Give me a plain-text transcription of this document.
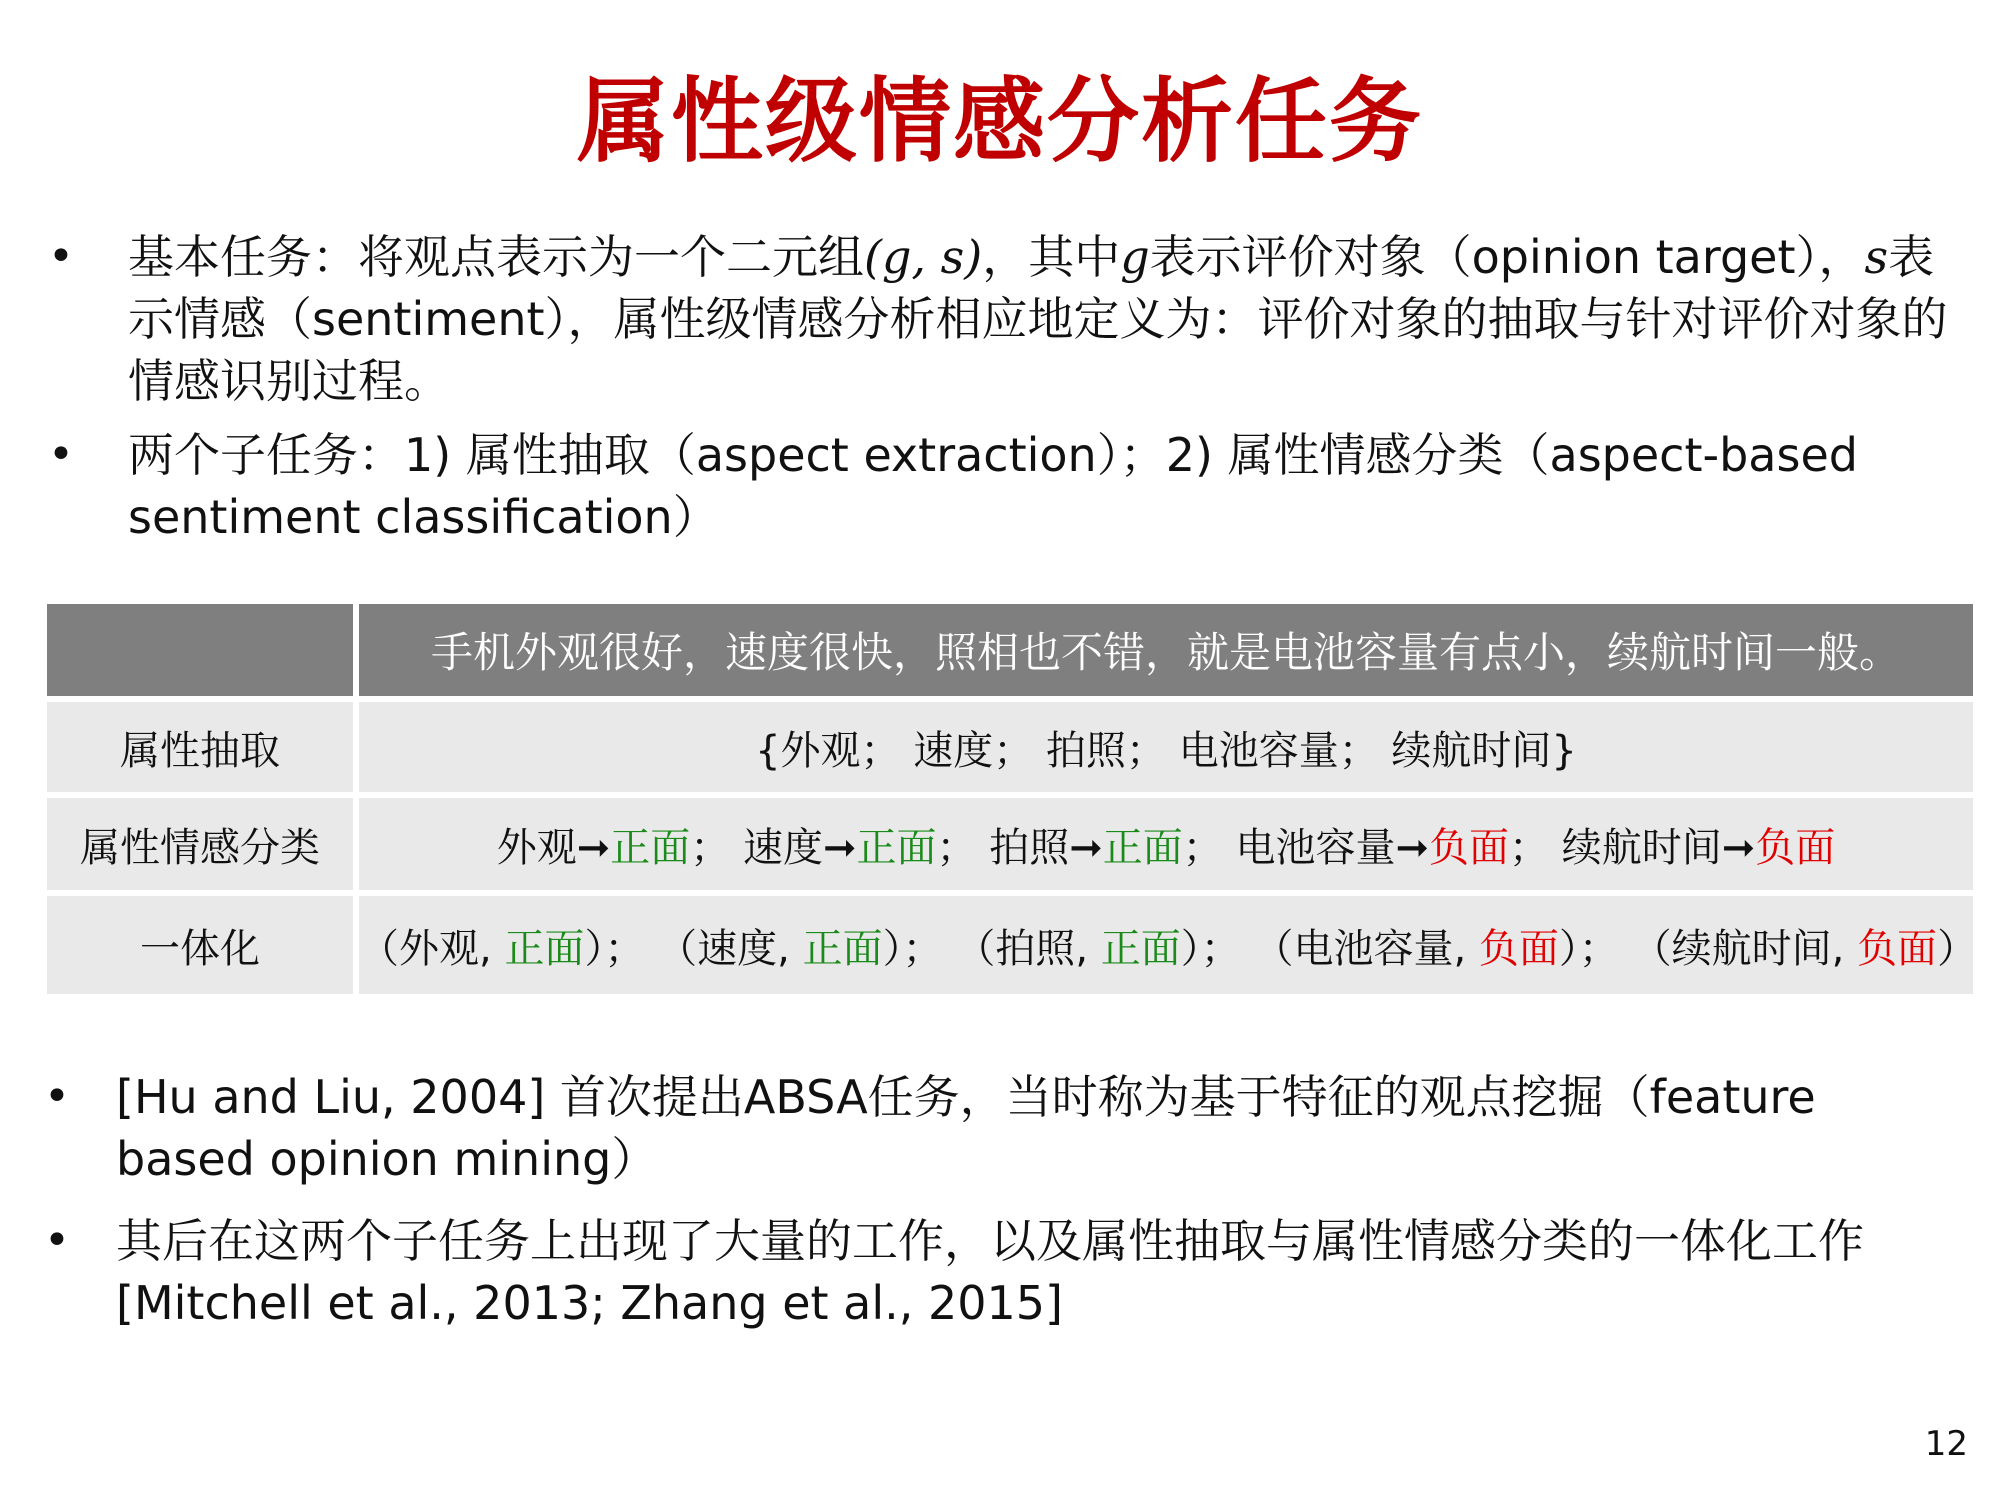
属性级情感分析任务
• 基本任务：将观点表示为一个二元组(g, s)，其中g表示评价对象（opinion target），s表示情感（sentiment），属性级情感分析相应地定义为：评价对象的抽取与针对评价对象的情感识别过程。
• 两个子任务：1) 属性抽取（aspect extraction）；2) 属性情感分类（aspect-based sentiment classification）
	手机外观很好，速度很快，照相也不错，就是电池容量有点小，续航时间一般。
属性抽取	{外观； 速度； 拍照； 电池容量； 续航时间}
属性情感分类	外观➞正面； 速度➞正面； 拍照➞正面； 电池容量➞负面； 续航时间➞负面
一体化	（外观, 正面）； （速度, 正面）； （拍照, 正面）； （电池容量, 负面）； （续航时间, 负面）
• [Hu and Liu, 2004] 首次提出ABSA任务，当时称为基于特征的观点挖掘（feature based opinion mining）
• 其后在这两个子任务上出现了大量的工作，以及属性抽取与属性情感分类的一体化工作[Mitchell et al., 2013; Zhang et al., 2015]
12
